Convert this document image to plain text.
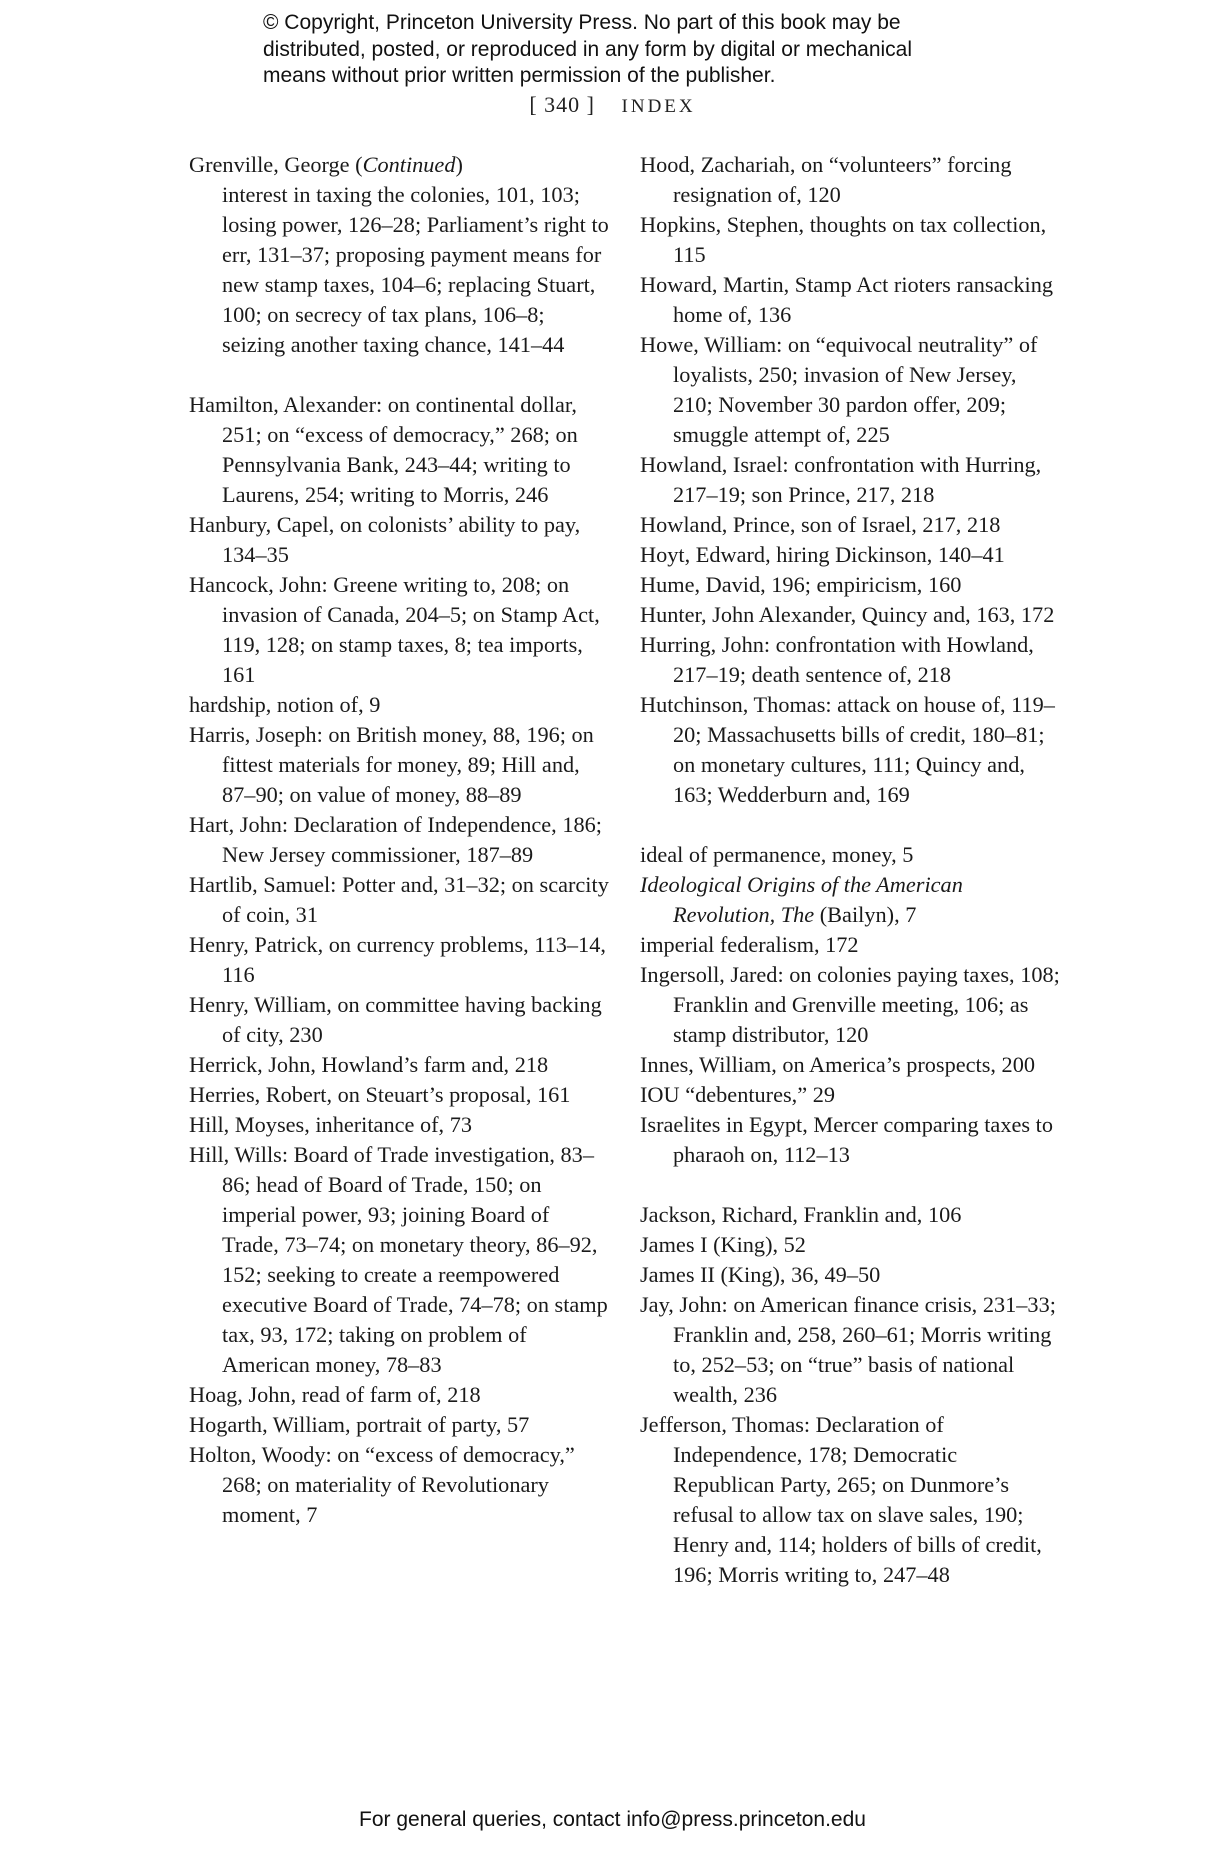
© Copyright, Princeton University Press. No part of this book may be
distributed, posted, or reproduced in any form by digital or mechanical
means without prior written permission of the publisher.
[ 340 ] INDEX

Grenville, George (Continued)
interest in taxing the colonies, 101, 103; losing power, 126–28; Parliament’s right to err, 131–37; proposing payment means for new stamp taxes, 104–6; replacing Stuart, 100; on secrecy of tax plans, 106–8; seizing another taxing chance, 141–44

Hamilton, Alexander: on continental dollar, 251; on “excess of democracy,” 268; on Pennsylvania Bank, 243–44; writing to Laurens, 254; writing to Morris, 246

Hanbury, Capel, on colonists’ ability to pay, 134–35

Hancock, John: Greene writing to, 208; on invasion of Canada, 204–5; on Stamp Act, 119, 128; on stamp taxes, 8; tea imports, 161

hardship, notion of, 9

Harris, Joseph: on British money, 88, 196; on fittest materials for money, 89; Hill and, 87–90; on value of money, 88–89

Hart, John: Declaration of Independence, 186; New Jersey commissioner, 187–89

Hartlib, Samuel: Potter and, 31–32; on scarcity of coin, 31

Henry, Patrick, on currency problems, 113–14, 116

Henry, William, on committee having backing of city, 230

Herrick, John, Howland’s farm and, 218

Herries, Robert, on Steuart’s proposal, 161

Hill, Moyses, inheritance of, 73

Hill, Wills: Board of Trade investigation, 83–86; head of Board of Trade, 150; on imperial power, 93; joining Board of Trade, 73–74; on monetary theory, 86–92, 152; seeking to create a reempowered executive Board of Trade, 74–78; on stamp tax, 93, 172; taking on problem of American money, 78–83

Hoag, John, read of farm of, 218

Hogarth, William, portrait of party, 57

Holton, Woody: on “excess of democracy,” 268; on materiality of Revolutionary moment, 7

Hood, Zachariah, on “volunteers” forcing resignation of, 120

Hopkins, Stephen, thoughts on tax collection, 115

Howard, Martin, Stamp Act rioters ransacking home of, 136

Howe, William: on “equivocal neutrality” of loyalists, 250; invasion of New Jersey, 210; November 30 pardon offer, 209; smuggle attempt of, 225

Howland, Israel: confrontation with Hurring, 217–19; son Prince, 217, 218

Howland, Prince, son of Israel, 217, 218

Hoyt, Edward, hiring Dickinson, 140–41

Hume, David, 196; empiricism, 160

Hunter, John Alexander, Quincy and, 163, 172

Hurring, John: confrontation with Howland, 217–19; death sentence of, 218

Hutchinson, Thomas: attack on house of, 119–20; Massachusetts bills of credit, 180–81; on monetary cultures, 111; Quincy and, 163; Wedderburn and, 169

ideal of permanence, money, 5

Ideological Origins of the American Revolution, The (Bailyn), 7

imperial federalism, 172

Ingersoll, Jared: on colonies paying taxes, 108; Franklin and Grenville meeting, 106; as stamp distributor, 120

Innes, William, on America’s prospects, 200

IOU “debentures,” 29

Israelites in Egypt, Mercer comparing taxes to pharaoh on, 112–13

Jackson, Richard, Franklin and, 106

James I (King), 52

James II (King), 36, 49–50

Jay, John: on American finance crisis, 231–33; Franklin and, 258, 260–61; Morris writing to, 252–53; on “true” basis of national wealth, 236

Jefferson, Thomas: Declaration of Independence, 178; Democratic Republican Party, 265; on Dunmore’s refusal to allow tax on slave sales, 190; Henry and, 114; holders of bills of credit, 196; Morris writing to, 247–48

For general queries, contact info@press.princeton.edu
